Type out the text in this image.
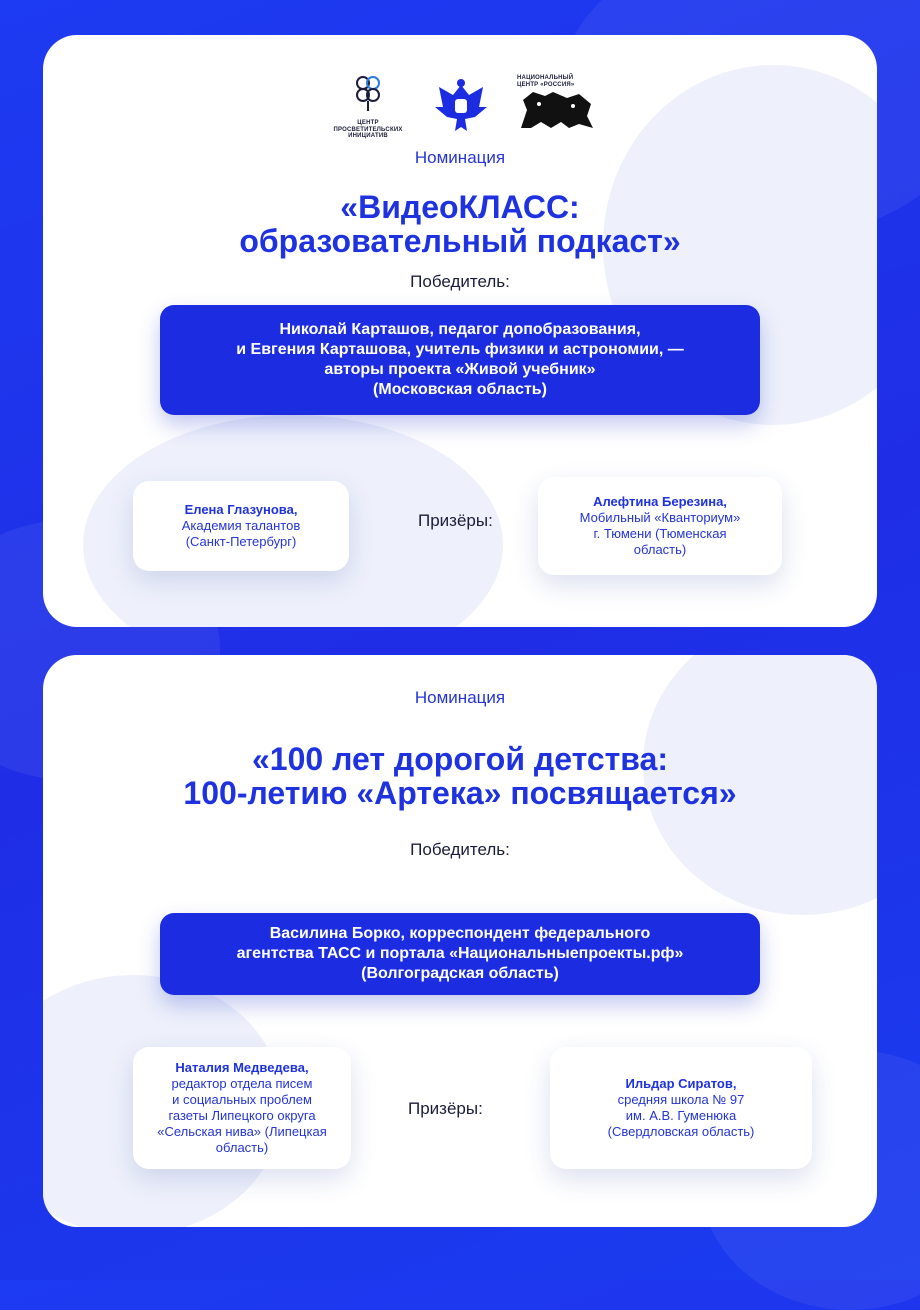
ЦЕНТР ПРОСВЕТИТЕЛЬСКИХ ИНИЦИАТИВ
НАЦИОНАЛЬНЫЙ ЦЕНТР «РОССИЯ»
Номинация
«ВидеоКЛАСС:
образовательный подкаст»
Победитель:
Николай Карташов, педагог допобразования,
и Евгения Карташова, учитель физики и астрономии, —
авторы проекта «Живой учебник»
(Московская область)
Елена Глазунова,
Академия талантов
(Санкт-Петербург)
Призёры:
Алефтина Березина,
Мобильный «Кванториум»
г. Тюмени (Тюменская
область)
Номинация
«100 лет дорогой детства:
100-летию «Артека» посвящается»
Победитель:
Василина Борко, корреспондент федерального
агентства ТАСС и портала «Национальныепроекты.рф»
(Волгоградская область)
Наталия Медведева,
редактор отдела писем
и социальных проблем
газеты Липецкого округа
«Сельская нива» (Липецкая
область)
Призёры:
Ильдар Сиратов,
средняя школа № 97
им. А.В. Гуменюка
(Свердловская область)
